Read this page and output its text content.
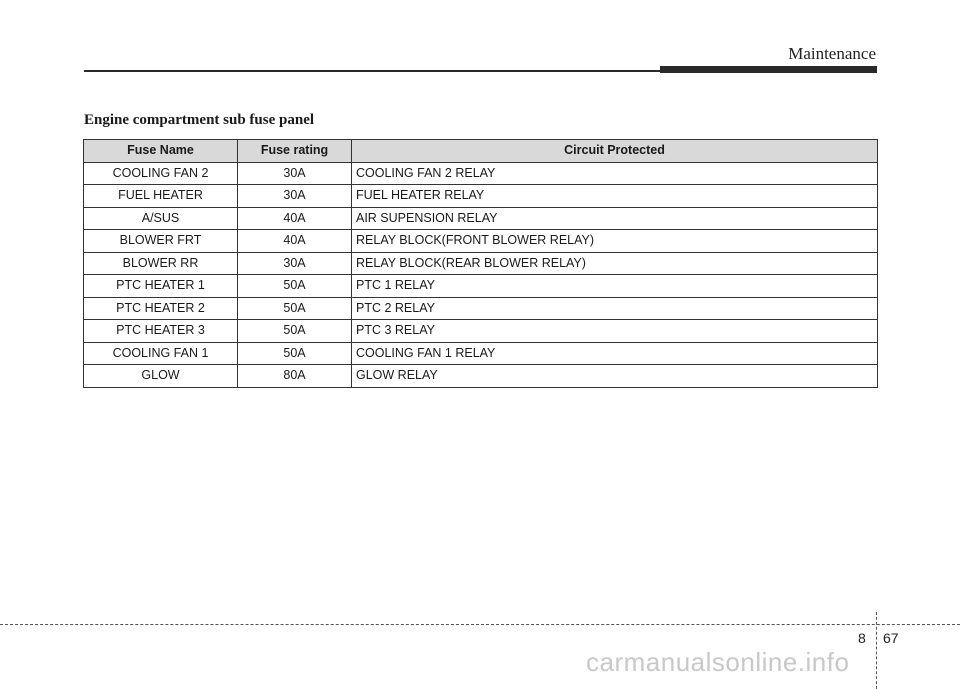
Maintenance
Engine compartment sub fuse panel
Fuse Name	Fuse rating	Circuit Protected
COOLING FAN 2	30A	COOLING FAN 2 RELAY
FUEL HEATER	30A	FUEL HEATER RELAY
A/SUS	40A	AIR SUPENSION RELAY
BLOWER FRT	40A	RELAY BLOCK(FRONT BLOWER RELAY)
BLOWER RR	30A	RELAY BLOCK(REAR BLOWER RELAY)
PTC HEATER 1	50A	PTC 1 RELAY
PTC HEATER 2	50A	PTC 2 RELAY
PTC HEATER 3	50A	PTC 3 RELAY
COOLING FAN 1	50A	COOLING FAN 1 RELAY
GLOW	80A	GLOW RELAY
8 67
carmanualsonline.info
